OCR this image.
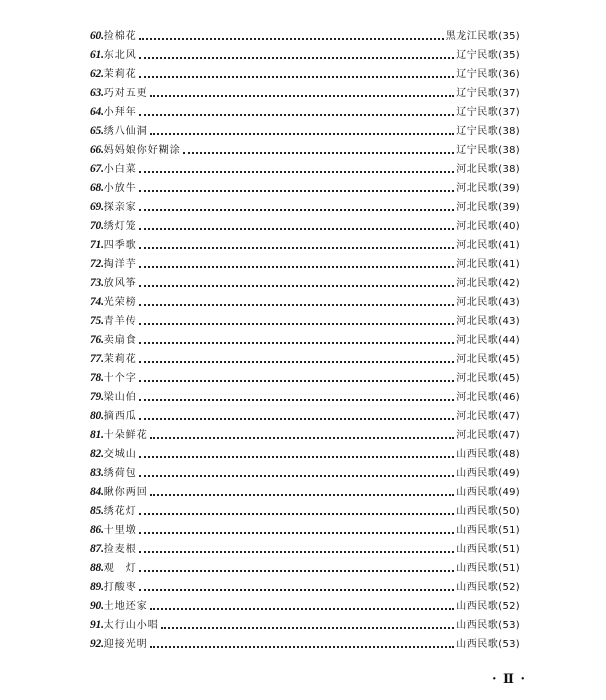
60. 捡棉花	黑龙江民歌 ( 35 )
61. 东北风	辽宁民歌 ( 35 )
62. 茉莉花	辽宁民歌 ( 36 )
63. 巧对五更	辽宁民歌 ( 37 )
64. 小拜年	辽宁民歌 ( 37 )
65. 绣八仙洞	辽宁民歌 ( 38 )
66. 妈妈娘你好糊涂	辽宁民歌 ( 38 )
67. 小白菜	河北民歌 ( 38 )
68. 小放牛	河北民歌 ( 39 )
69. 探亲家	河北民歌 ( 39 )
70. 绣灯笼	河北民歌 ( 40 )
71. 四季歌	河北民歌 ( 41 )
72. 掏洋芋	河北民歌 ( 41 )
73. 放风筝	河北民歌 ( 42 )
74. 光荣榜	河北民歌 ( 43 )
75. 青羊传	河北民歌 ( 43 )
76. 卖扇食	河北民歌 ( 44 )
77. 茉莉花	河北民歌 ( 45 )
78. 十个字	河北民歌 ( 45 )
79. 梁山伯	河北民歌 ( 46 )
80. 摘西瓜	河北民歌 ( 47 )
81. 十朵鲜花	河北民歌 ( 47 )
82. 交城山	山西民歌 ( 48 )
83. 绣荷包	山西民歌 ( 49 )
84. 瞅你两回	山西民歌 ( 49 )
85. 绣花灯	山西民歌 ( 50 )
86. 十里墩	山西民歌 ( 51 )
87. 捡麦根	山西民歌 ( 51 )
88. 观　灯	山西民歌 ( 51 )
89. 打酸枣	山西民歌 ( 52 )
90. 土地还家	山西民歌 ( 52 )
91. 太行山小唱	山西民歌 ( 53 )
92. 迎接光明	山西民歌 ( 53 )
· Ⅱ ·
